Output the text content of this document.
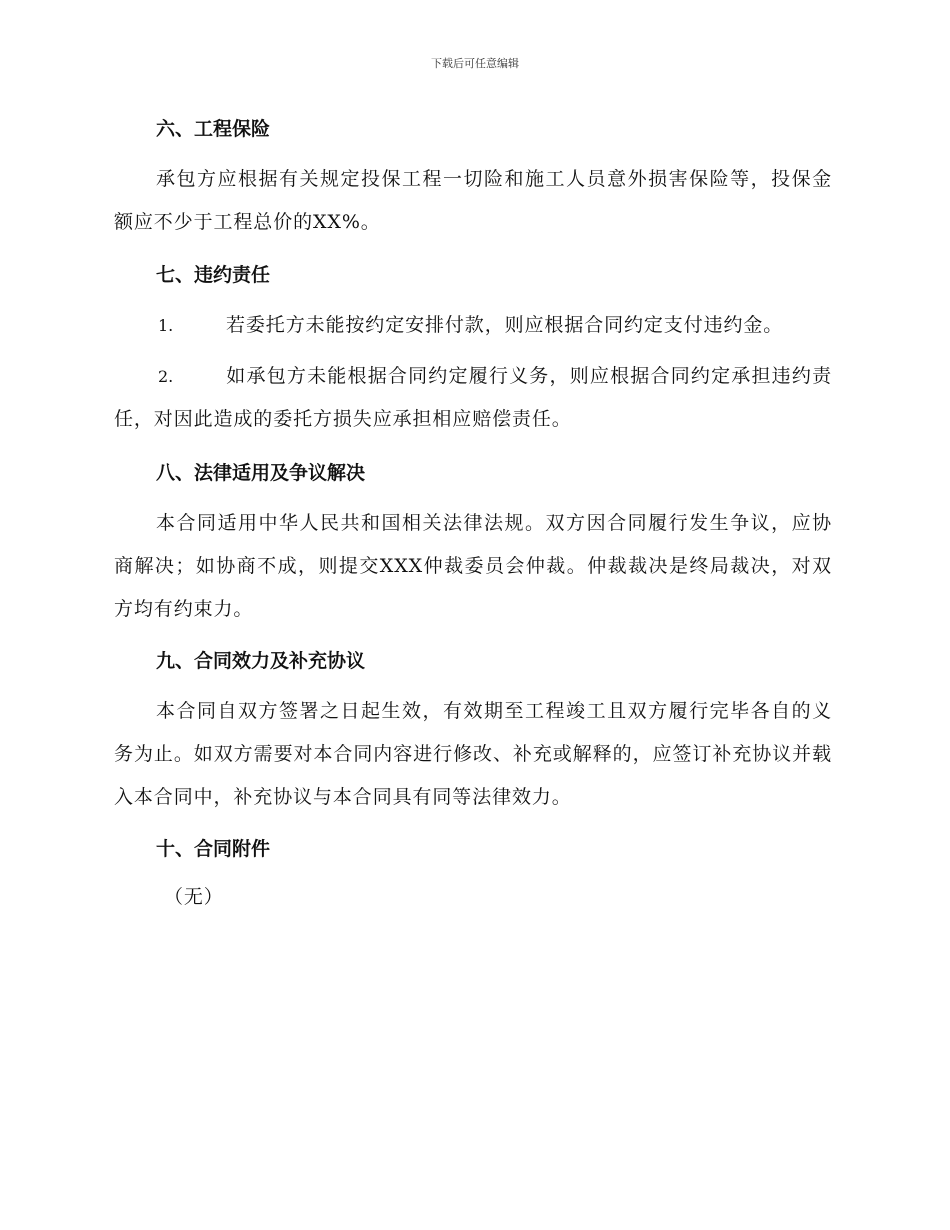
下载后可任意编辑
六、工程保险
承包方应根据有关规定投保工程一切险和施工人员意外损害保险等，投保金额应不少于工程总价的XX%。
七、违约责任
1.	若委托方未能按约定安排付款，则应根据合同约定支付违约金。
2.	如承包方未能根据合同约定履行义务，则应根据合同约定承担违约责任，对因此造成的委托方损失应承担相应赔偿责任。
八、法律适用及争议解决
本合同适用中华人民共和国相关法律法规。双方因合同履行发生争议，应协商解决；如协商不成，则提交XXX仲裁委员会仲裁。仲裁裁决是终局裁决，对双方均有约束力。
九、合同效力及补充协议
本合同自双方签署之日起生效，有效期至工程竣工且双方履行完毕各自的义务为止。如双方需要对本合同内容进行修改、补充或解释的，应签订补充协议并载入本合同中，补充协议与本合同具有同等法律效力。
十、合同附件
（无）
